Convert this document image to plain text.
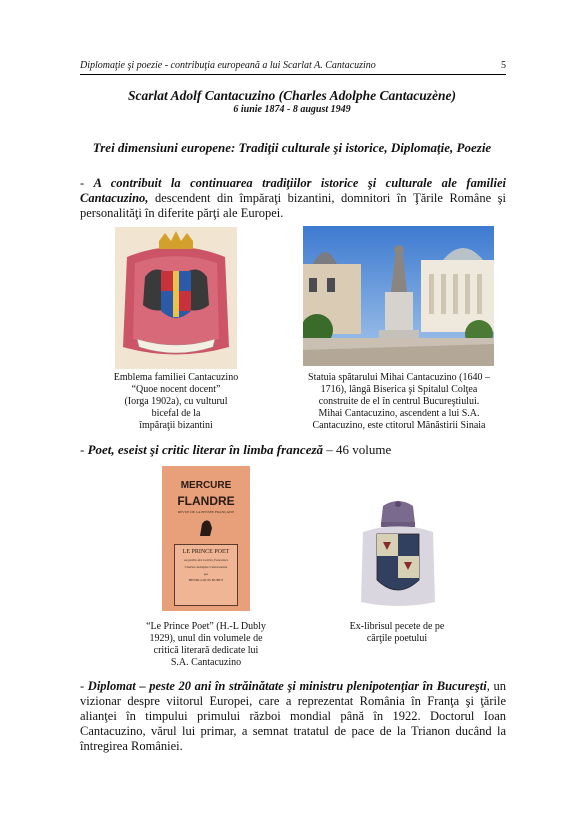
Diplomaţie şi poezie - contribuţia europeană a lui Scarlat A. Cantacuzino	5
Scarlat Adolf Cantacuzino (Charles Adolphe Cantacuzène)
6 iunie 1874 - 8 august 1949
Trei dimensiuni europene: Tradiţii culturale şi istorice, Diplomaţie, Poezie
- A contribuit la continuarea tradiţiilor istorice şi culturale ale familiei Cantacuzino, descendent din împăraţi bizantini, domnitori în Ţările Române şi personalităţi în diferite părţi ale Europei.
Emblema familiei Cantacuzino
“Quoe nocent docent”
(Iorga 1902a), cu vulturul
bicefal de la
împăraţii bizantini
Statuia spătarului Mihai Cantacuzino (1640 –
1716), lângă Biserica şi Spitalul Colţea
construite de el în centrul Bucureştiului.
Mihai Cantacuzino, ascendent a lui S.A.
Cantacuzino, este ctitorul Mănăstirii Sinaia
- Poet, eseist şi critic literar în limba franceză – 46 volume
MERCURE
FLANDRE
REVUE DE LA PENSÉE FRANÇAISE
LE PRINCE POET
au jardin des Lettres françaises
Charles-Adolphe Cantacuzène
par
HENRI-LOUIS DUBLY
“Le Prince Poet” (H.-L Dubly
1929), unul din volumele de
critică literară dedicate lui
S.A. Cantacuzino
Ex-librisul pecete de pe
cărţile poetului
- Diplomat – peste 20 ani în străinătate şi ministru plenipotenţiar în Bucureşti, un vizionar despre viitorul Europei, care a reprezentat România în Franţa şi ţările alianţei în timpului primului război mondial până în 1922. Doctorul Ioan Cantacuzino, vărul lui primar, a semnat tratatul de pace de la Trianon ducând la întregirea României.
